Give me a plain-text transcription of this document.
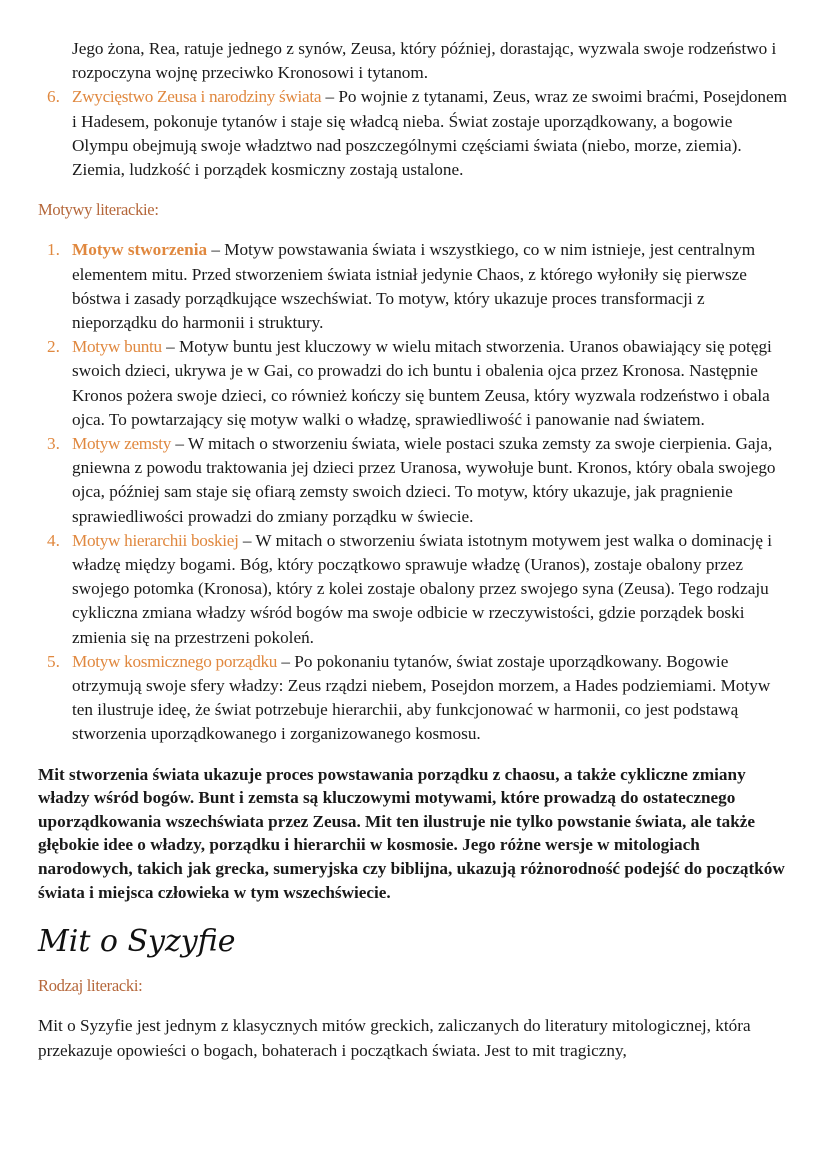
Jego żona, Rea, ratuje jednego z synów, Zeusa, który później, dorastając, wyzwala swoje rodzeństwo i rozpoczyna wojnę przeciwko Kronosowi i tytanom.
6. Zwycięstwo Zeusa i narodziny świata – Po wojnie z tytanami, Zeus, wraz ze swoimi braćmi, Posejdonem i Hadesem, pokonuje tytanów i staje się władcą nieba. Świat zostaje uporządkowany, a bogowie Olympu obejmują swoje władztwo nad poszczególnymi częściami świata (niebo, morze, ziemia). Ziemia, ludzkość i porządek kosmiczny zostają ustalone.
Motywy literackie:
1. Motyw stworzenia – Motyw powstawania świata i wszystkiego, co w nim istnieje, jest centralnym elementem mitu. Przed stworzeniem świata istniał jedynie Chaos, z którego wyłoniły się pierwsze bóstwa i zasady porządkujące wszechświat. To motyw, który ukazuje proces transformacji z nieporządku do harmonii i struktury.
2. Motyw buntu – Motyw buntu jest kluczowy w wielu mitach stworzenia. Uranos obawiający się potęgi swoich dzieci, ukrywa je w Gai, co prowadzi do ich buntu i obalenia ojca przez Kronosa. Następnie Kronos pożera swoje dzieci, co również kończy się buntem Zeusa, który wyzwala rodzeństwo i obala ojca. To powtarzający się motyw walki o władzę, sprawiedliwość i panowanie nad światem.
3. Motyw zemsty – W mitach o stworzeniu świata, wiele postaci szuka zemsty za swoje cierpienia. Gaja, gniewna z powodu traktowania jej dzieci przez Uranosa, wywołuje bunt. Kronos, który obala swojego ojca, później sam staje się ofiarą zemsty swoich dzieci. To motyw, który ukazuje, jak pragnienie sprawiedliwości prowadzi do zmiany porządku w świecie.
4. Motyw hierarchii boskiej – W mitach o stworzeniu świata istotnym motywem jest walka o dominację i władzę między bogami. Bóg, który początkowo sprawuje władzę (Uranos), zostaje obalony przez swojego potomka (Kronosa), który z kolei zostaje obalony przez swojego syna (Zeusa). Tego rodzaju cykliczna zmiana władzy wśród bogów ma swoje odbicie w rzeczywistości, gdzie porządek boski zmienia się na przestrzeni pokoleń.
5. Motyw kosmicznego porządku – Po pokonaniu tytanów, świat zostaje uporządkowany. Bogowie otrzymują swoje sfery władzy: Zeus rządzi niebem, Posejdon morzem, a Hades podziemiami. Motyw ten ilustruje ideę, że świat potrzebuje hierarchii, aby funkcjonować w harmonii, co jest podstawą stworzenia uporządkowanego i zorganizowanego kosmosu.

Mit stworzenia świata ukazuje proces powstawania porządku z chaosu, a także cykliczne zmiany władzy wśród bogów. Bunt i zemsta są kluczowymi motywami, które prowadzą do ostatecznego uporządkowania wszechświata przez Zeusa. Mit ten ilustruje nie tylko powstanie świata, ale także głębokie idee o władzy, porządku i hierarchii w kosmosie. Jego różne wersje w mitologiach narodowych, takich jak grecka, sumeryjska czy biblijna, ukazują różnorodność podejść do początków świata i miejsca człowieka w tym wszechświecie.

Mit o Syzyfie
Rodzaj literacki:

Mit o Syzyfie jest jednym z klasycznych mitów greckich, zaliczanych do literatury mitologicznej, która przekazuje opowieści o bogach, bohaterach i początkach świata. Jest to mit tragiczny,
